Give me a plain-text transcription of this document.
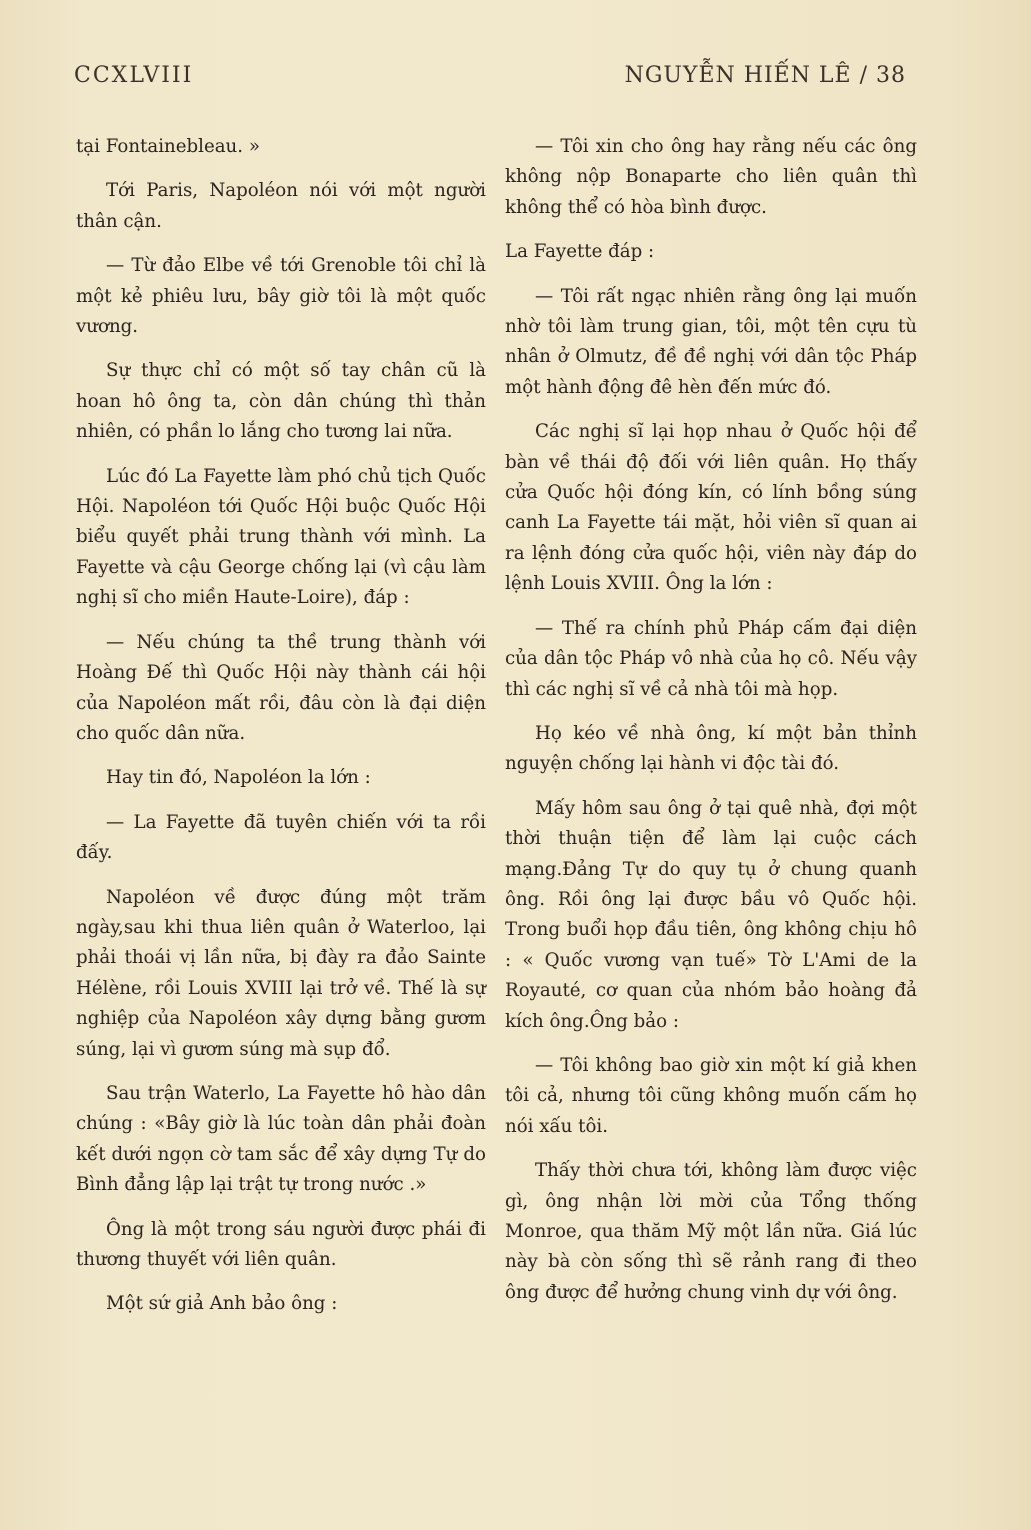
CCXLVIII	NGUYỄN HIẾN LÊ / 38

tại Fontainebleau. »

Tới Paris, Napoléon nói với một người thân cận.

— Từ đảo Elbe về tới Grenoble tôi chỉ là một kẻ phiêu lưu, bây giờ tôi là một quốc vương.

Sự thực chỉ có một số tay chân cũ là hoan hô ông ta, còn dân chúng thì thản nhiên, có phần lo lắng cho tương lai nữa.

Lúc đó La Fayette làm phó chủ tịch Quốc Hội. Napoléon tới Quốc Hội buộc Quốc Hội biểu quyết phải trung thành với mình. La Fayette và cậu George chống lại (vì cậu làm nghị sĩ cho miền Haute-Loire), đáp :

— Nếu chúng ta thề trung thành với Hoàng Đế thì Quốc Hội này thành cái hội của Napoléon mất rồi, đâu còn là đại diện cho quốc dân nữa.

Hay tin đó, Napoléon la lớn :

— La Fayette đã tuyên chiến với ta rồi đấy.

Napoléon về được đúng một trăm ngày,sau khi thua liên quân ở Waterloo, lại phải thoái vị lần nữa, bị đày ra đảo Sainte Hélène, rồi Louis XVIII lại trở về. Thế là sự nghiệp của Napoléon xây dựng bằng gươm súng, lại vì gươm súng mà sụp đổ.

Sau trận Waterlo, La Fayette hô hào dân chúng : «Bây giờ là lúc toàn dân phải đoàn kết dưới ngọn cờ tam sắc để xây dựng Tự do Bình đẳng lập lại trật tự trong nước .»

Ông là một trong sáu người được phái đi thương thuyết với liên quân.

Một sứ giả Anh bảo ông :

— Tôi xin cho ông hay rằng nếu các ông không nộp Bonaparte cho liên quân thì không thể có hòa bình được.

La Fayette đáp :

— Tôi rất ngạc nhiên rằng ông lại muốn nhờ tôi làm trung gian, tôi, một tên cựu tù nhân ở Olmutz, đề đề nghị với dân tộc Pháp một hành động đê hèn đến mức đó.

Các nghị sĩ lại họp nhau ở Quốc hội để bàn về thái độ đối với liên quân. Họ thấy cửa Quốc hội đóng kín, có lính bồng súng canh La Fayette tái mặt, hỏi viên sĩ quan ai ra lệnh đóng cửa quốc hội, viên này đáp do lệnh Louis XVIII. Ông la lớn :

— Thế ra chính phủ Pháp cấm đại diện của dân tộc Pháp vô nhà của họ cô. Nếu vậy thì các nghị sĩ về cả nhà tôi mà họp.

Họ kéo về nhà ông, kí một bản thỉnh nguyện chống lại hành vi độc tài đó.

Mấy hôm sau ông ở tại quê nhà, đợi một thời thuận tiện để làm lại cuộc cách mạng.Đảng Tự do quy tụ ở chung quanh ông. Rồi ông lại được bầu vô Quốc hội. Trong buổi họp đầu tiên, ông không chịu hô : « Quốc vương vạn tuế» Tờ L'Ami de la Royauté, cơ quan của nhóm bảo hoàng đả kích ông.Ông bảo :

— Tôi không bao giờ xin một kí giả khen tôi cả, nhưng tôi cũng không muốn cấm họ nói xấu tôi.

Thấy thời chưa tới, không làm được việc gì, ông nhận lời mời của Tổng thống Monroe, qua thăm Mỹ một lần nữa. Giá lúc này bà còn sống thì sẽ rảnh rang đi theo ông được để hưởng chung vinh dự với ông.
